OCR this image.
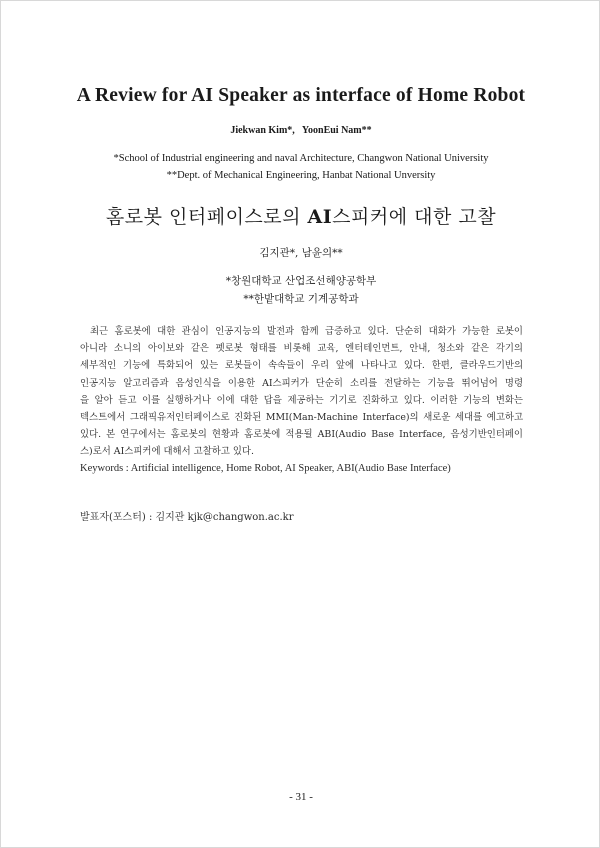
A Review for AI Speaker as interface of Home Robot
Jiekwan Kim*,   YoonEui Nam**
*School of Industrial engineering and naval Architecture, Changwon National University
**Dept. of Mechanical Engineering, Hanbat National Unversity
홈로봇 인터페이스로의 AI스피커에 대한 고찰
김지관*, 남윤의**
*창원대학교 산업조선해양공학부
**한밭대학교 기계공학과
최근 홈로봇에 대한 관심이 인공지능의 발전과 함께 급증하고 있다. 단순히 대화가 가능한 로봇이
아니라 소니의 아이보와 같은 펫로봇 형태를 비롯해 교육, 엔터테인먼트, 안내, 청소와 같은 각기의
세부적인 기능에 특화되어 있는 로봇들이 속속들이 우리 앞에 나타나고 있다. 한편, 클라우드기반의
인공지능 알고리즘과 음성인식을 이용한 AI스피커가 단순히 소리를 전달하는 기능을 뛰어넘어 명령
을 알아 듣고 이를 실행하거나 이에 대한 답을 제공하는 기기로 진화하고 있다. 이러한 기능의 변화는
텍스트에서 그래픽유저인터페이스로 진화된 MMI(Man-Machine Interface)의 새로운 세대를 예고하고
있다. 본 연구에서는 홈로봇의 현황과 홈로봇에 적용될 ABI(Audio Base Interface, 음성기반인터페이
스)로서 AI스피커에 대해서 고찰하고 있다.
Keywords : Artificial intelligence, Home Robot, AI Speaker, ABI(Audio Base Interface)
발표자(포스터) : 김지관 kjk@changwon.ac.kr
- 31 -
